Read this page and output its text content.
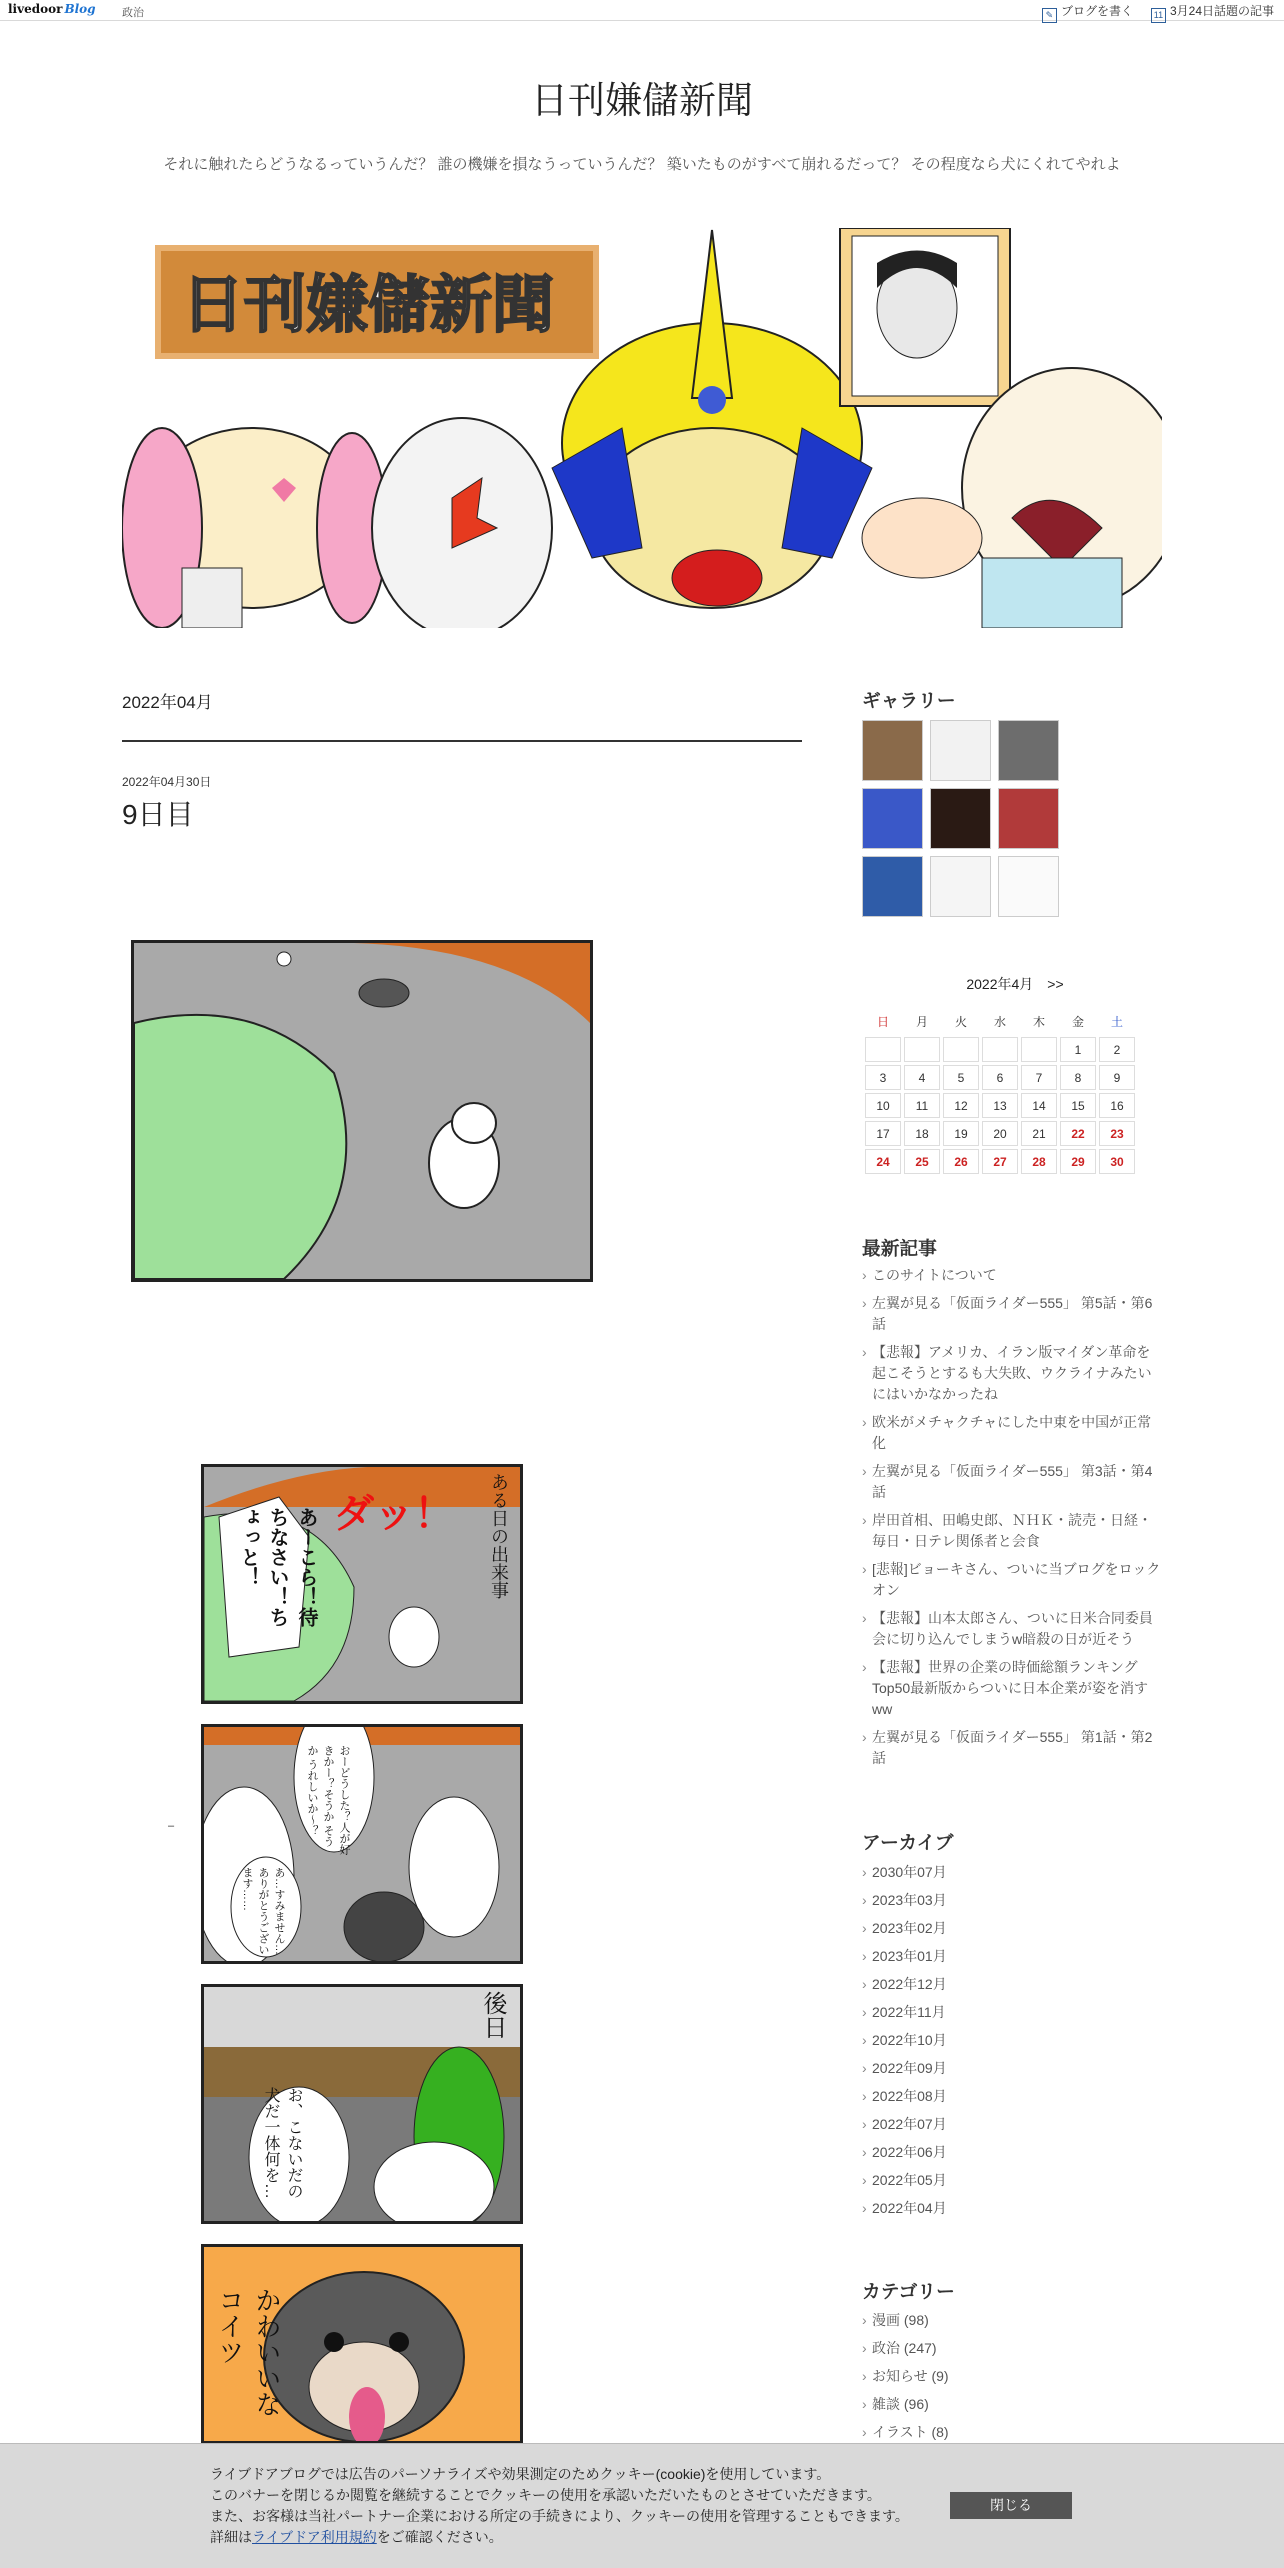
livedoor Blog 政治	✎ ブログを書く	11 3月24日話題の記事
日刊嫌儲新聞
それに触れたらどうなるっていうんだ？ 誰の機嫌を損なうっていうんだ？ 築いたものがすべて崩れるだって？ その程度なら犬にくれてやれよ
日刊嫌儲新聞
2022年04月
2022年04月30日
9日目
ダッ！ ある日の出来事
あーこら！待ちなさい！ちょっと！
–	おーどうした？人が好きかー？そうか そうか うれしいか～？
あ…すみません…ありがとうございます……
後日
お、こないだの犬だ一体何を…
かわいいなコイツ
ギャラリー
2022年4月 >>
日	月	火	水	木	金	土
					1	2
3	4	5	6	7	8	9
10	11	12	13	14	15	16
17	18	19	20	21	22	23
24	25	26	27	28	29	30
最新記事
› このサイトについて
› 左翼が見る「仮面ライダー555」 第5話・第6話
› 【悲報】アメリカ、イラン版マイダン革命を起こそうとするも大失敗、ウクライナみたいにはいかなかったね
› 欧米がメチャクチャにした中東を中国が正常化
› 左翼が見る「仮面ライダー555」 第3話・第4話
› 岸田首相、田嶋史郎、ＮＨＫ・読売・日経・毎日・日テレ関係者と会食
› [悲報]ビョーキさん、ついに当ブログをロックオン
› 【悲報】山本太郎さん、ついに日米合同委員会に切り込んでしまうw暗殺の日が近そう
› 【悲報】世界の企業の時価総額ランキングTop50最新版からついに日本企業が姿を消すww
› 左翼が見る「仮面ライダー555」 第1話・第2話
アーカイブ
› 2030年07月
› 2023年03月
› 2023年02月
› 2023年01月
› 2022年12月
› 2022年11月
› 2022年10月
› 2022年09月
› 2022年08月
› 2022年07月
› 2022年06月
› 2022年05月
› 2022年04月
カテゴリー
› 漫画 (98)
› 政治 (247)
› お知らせ (9)
› 雑談 (96)
› イラスト (8)
ライブドアブログでは広告のパーソナライズや効果測定のためクッキー(cookie)を使用しています。
このバナーを閉じるか閲覧を継続することでクッキーの使用を承認いただいたものとさせていただきます。
また、お客様は当社パートナー企業における所定の手続きにより、クッキーの使用を管理することもできます。
詳細はライブドア利用規約をご確認ください。
閉じる
